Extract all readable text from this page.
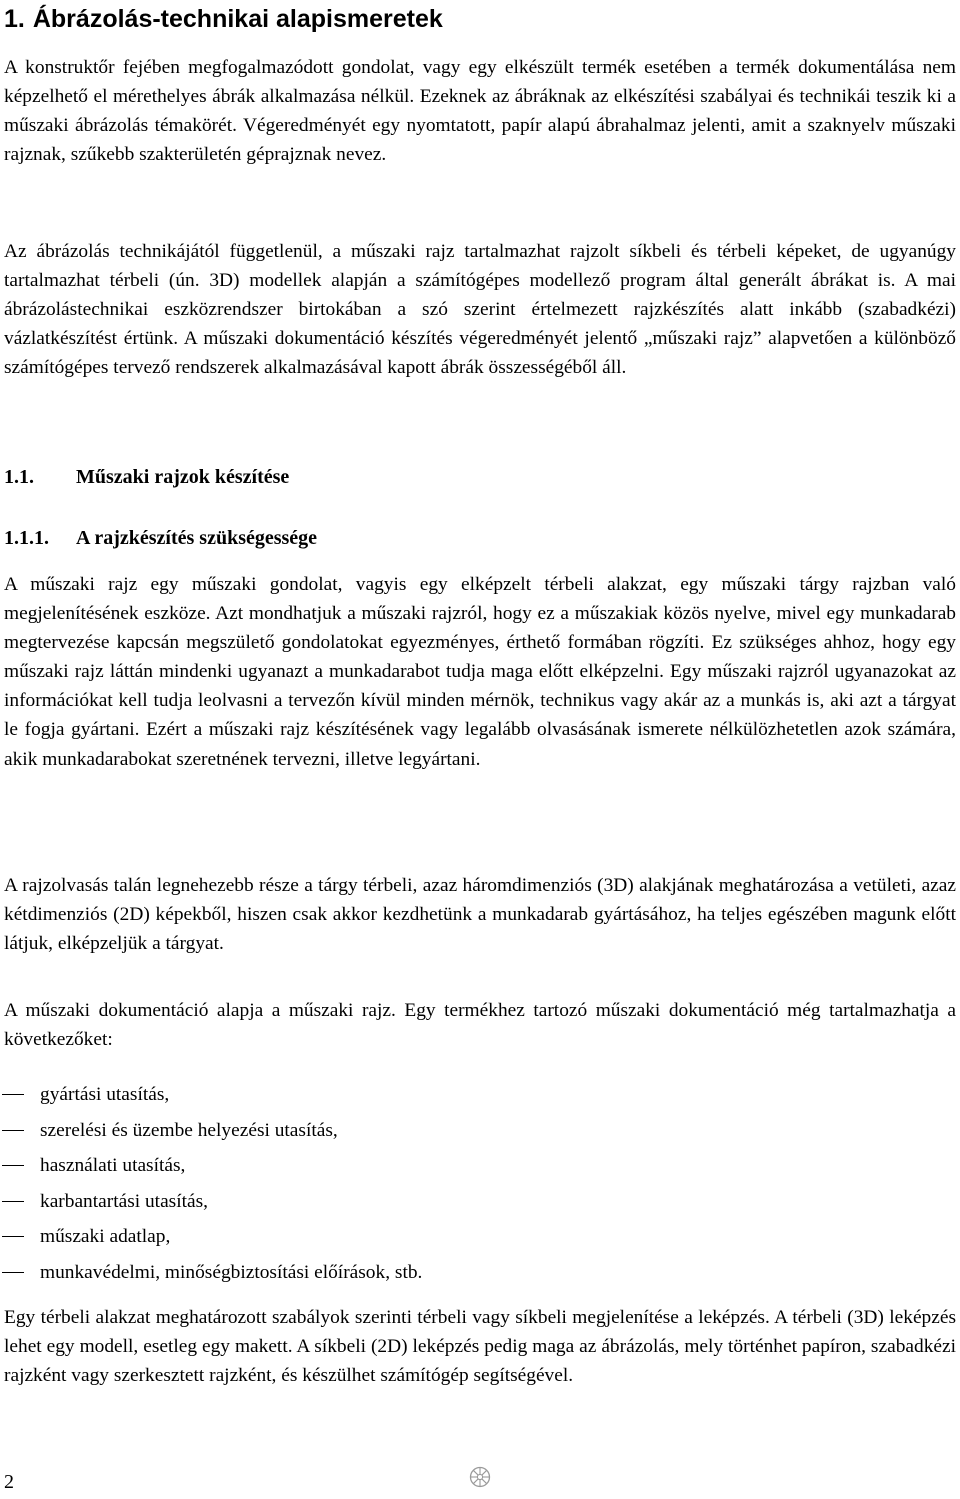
1. Ábrázolás-technikai alapismeretek

A konstruktőr fejében megfogalmazódott gondolat, vagy egy elkészült termék esetében a termék dokumentálása nem képzelhető el mérethelyes ábrák alkalmazása nélkül. Ezeknek az ábráknak az elkészítési szabályai és technikái teszik ki a műszaki ábrázolás témakörét. Végeredményét egy nyomtatott, papír alapú ábrahalmaz jelenti, amit a szaknyelv műszaki rajznak, szűkebb szakterületén géprajznak nevez.

Az ábrázolás technikájától függetlenül, a műszaki rajz tartalmazhat rajzolt síkbeli és térbeli képeket, de ugyanúgy tartalmazhat térbeli (ún. 3D) modellek alapján a számítógépes modellező program által generált ábrákat is. A mai ábrázolástechnikai eszközrendszer birtokában a szó szerint értelmezett rajzkészítés alatt inkább (szabadkézi) vázlatkészítést értünk. A műszaki dokumentáció készítés végeredményét jelentő „műszaki rajz” alapvetően a különböző számítógépes tervező rendszerek alkalmazásával kapott ábrák összességéből áll.

1.1. Műszaki rajzok készítése
1.1.1. A rajzkészítés szükségessége

A műszaki rajz egy műszaki gondolat, vagyis egy elképzelt térbeli alakzat, egy műszaki tárgy rajzban való megjelenítésének eszköze. Azt mondhatjuk a műszaki rajzról, hogy ez a műszakiak közös nyelve, mivel egy munkadarab megtervezése kapcsán megszülető gondolatokat egyezményes, érthető formában rögzíti. Ez szükséges ahhoz, hogy egy műszaki rajz láttán mindenki ugyanazt a munkadarabot tudja maga előtt elképzelni. Egy műszaki rajzról ugyanazokat az információkat kell tudja leolvasni a tervezőn kívül minden mérnök, technikus vagy akár az a munkás is, aki azt a tárgyat le fogja gyártani. Ezért a műszaki rajz készítésének vagy legalább olvasásának ismerete nélkülözhetetlen azok számára, akik munkadarabokat szeretnének tervezni, illetve legyártani.

A rajzolvasás talán legnehezebb része a tárgy térbeli, azaz háromdimenziós (3D) alakjának meghatározása a vetületi, azaz kétdimenziós (2D) képekből, hiszen csak akkor kezdhetünk a munkadarab gyártásához, ha teljes egészében magunk előtt látjuk, elképzeljük a tárgyat.

A műszaki dokumentáció alapja a műszaki rajz. Egy termékhez tartozó műszaki dokumentáció még tartalmazhatja a következőket:

gyártási utasítás,
szerelési és üzembe helyezési utasítás,
használati utasítás,
karbantartási utasítás,
műszaki adatlap,
munkavédelmi, minőségbiztosítási előírások, stb.

Egy térbeli alakzat meghatározott szabályok szerinti térbeli vagy síkbeli megjelenítése a leképzés. A térbeli (3D) leképzés lehet egy modell, esetleg egy makett. A síkbeli (2D) leképzés pedig maga az ábrázolás, mely történhet papíron, szabadkézi rajzként vagy szerkesztett rajzként, és készülhet számítógép segítségével.

2
